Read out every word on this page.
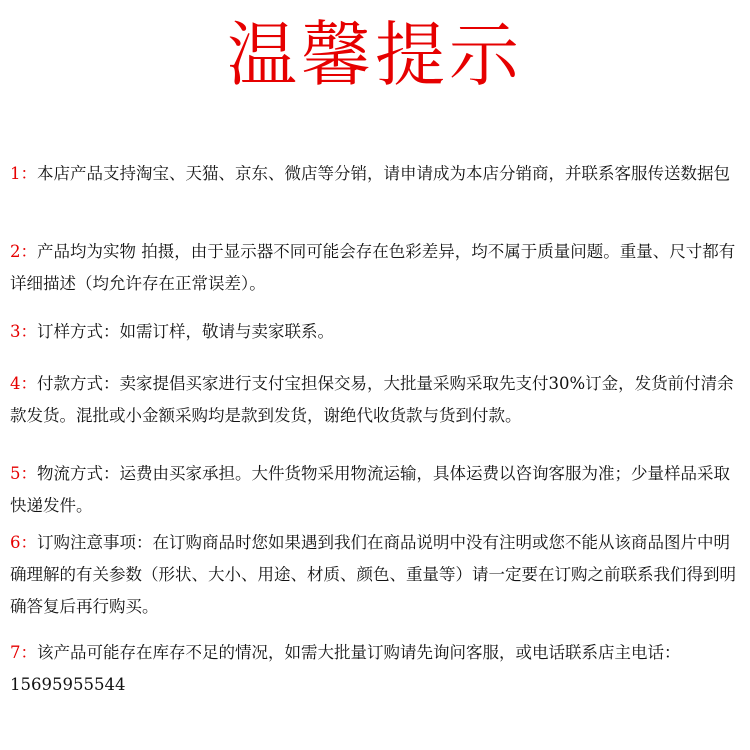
温馨提示

1：本店产品支持淘宝、天猫、京东、微店等分销，请申请成为本店分销商，并联系客服传送数据包

2：产品均为实物 拍摄，由于显示器不同可能会存在色彩差异，均不属于质量问题。重量、尺寸都有详细描述（均允许存在正常误差）。

3：订样方式：如需订样，敬请与卖家联系。

4：付款方式：卖家提倡买家进行支付宝担保交易，大批量采购采取先支付30%订金，发货前付清余款发货。混批或小金额采购均是款到发货，谢绝代收货款与货到付款。

5：物流方式：运费由买家承担。大件货物采用物流运输，具体运费以咨询客服为准；少量样品采取快递发件。

6：订购注意事项：在订购商品时您如果遇到我们在商品说明中没有注明或您不能从该商品图片中明确理解的有关参数（形状、大小、用途、材质、颜色、重量等）请一定要在订购之前联系我们得到明确答复后再行购买。

7：该产品可能存在库存不足的情况，如需大批量订购请先询问客服，或电话联系店主电话：15695955544
